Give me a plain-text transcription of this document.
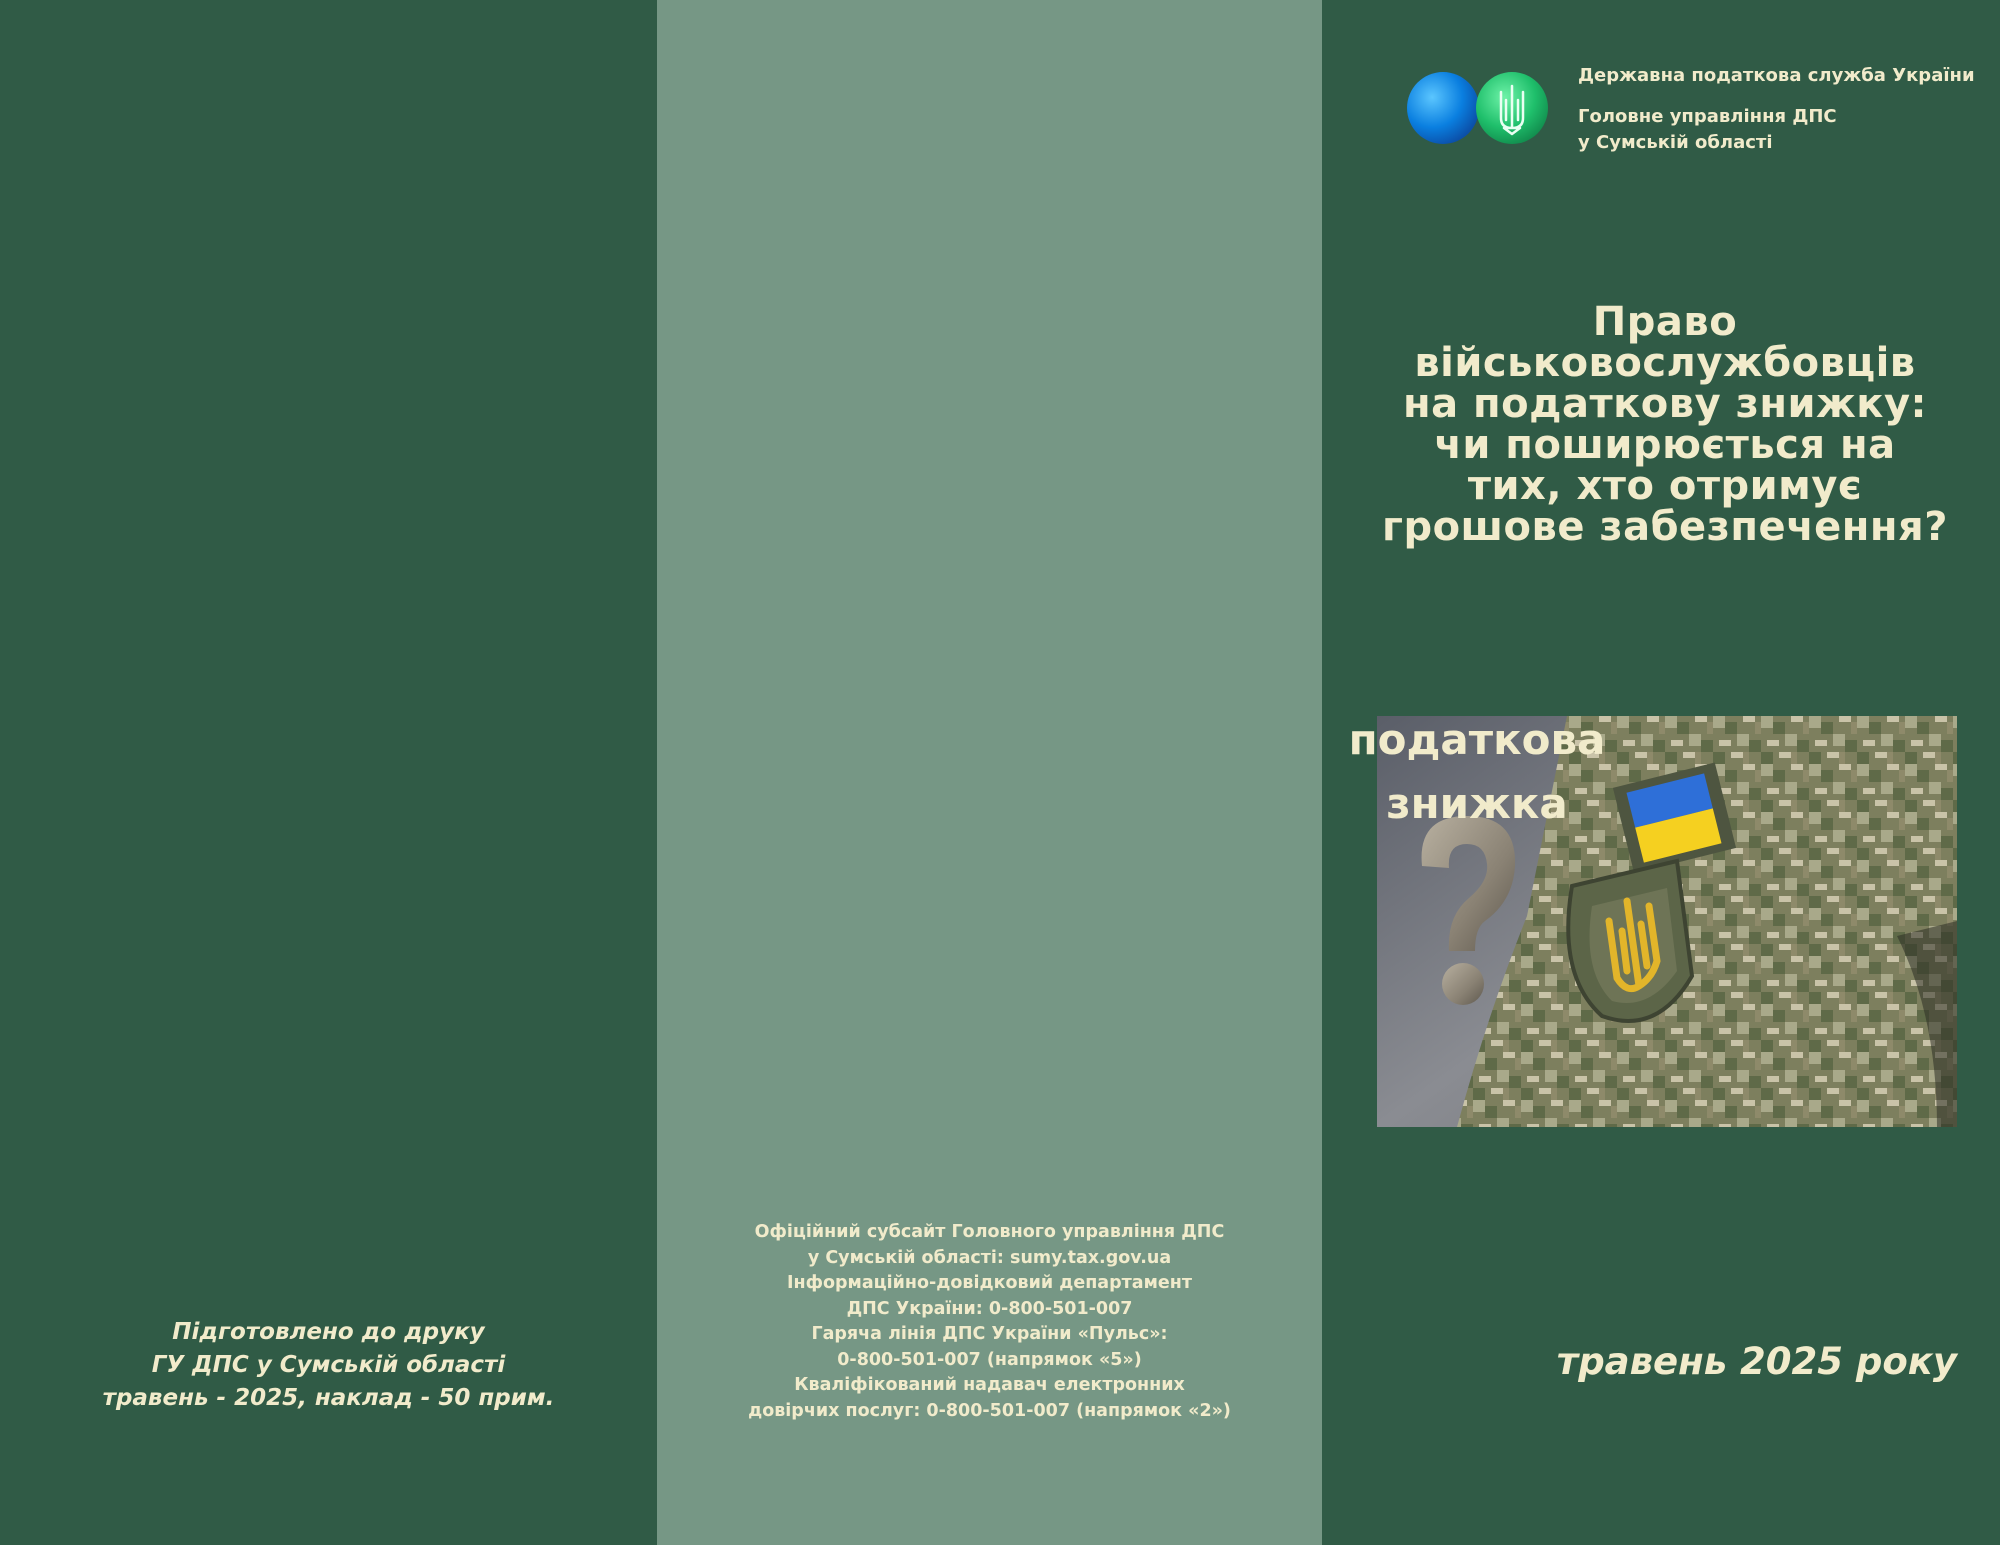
Підготовлено до друку
ГУ ДПС у Сумській області
травень - 2025, наклад - 50 прим.
Офіційний субсайт Головного управління ДПС
у Сумській області: sumy.tax.gov.ua
Інформаційно-довідковий департамент
ДПС України: 0-800-501-007
Гаряча лінія ДПС України «Пульс»:
0-800-501-007 (напрямок «5»)
Кваліфікований надавач електронних
довірчих послуг: 0-800-501-007 (напрямок «2»)
Державна податкова служба України
Головне управління ДПС
у Сумській області
Право
військовослужбовців
на податкову знижку:
чи поширюється на
тих, хто отримує
грошове забезпечення?
податкова
знижка
травень 2025 року
